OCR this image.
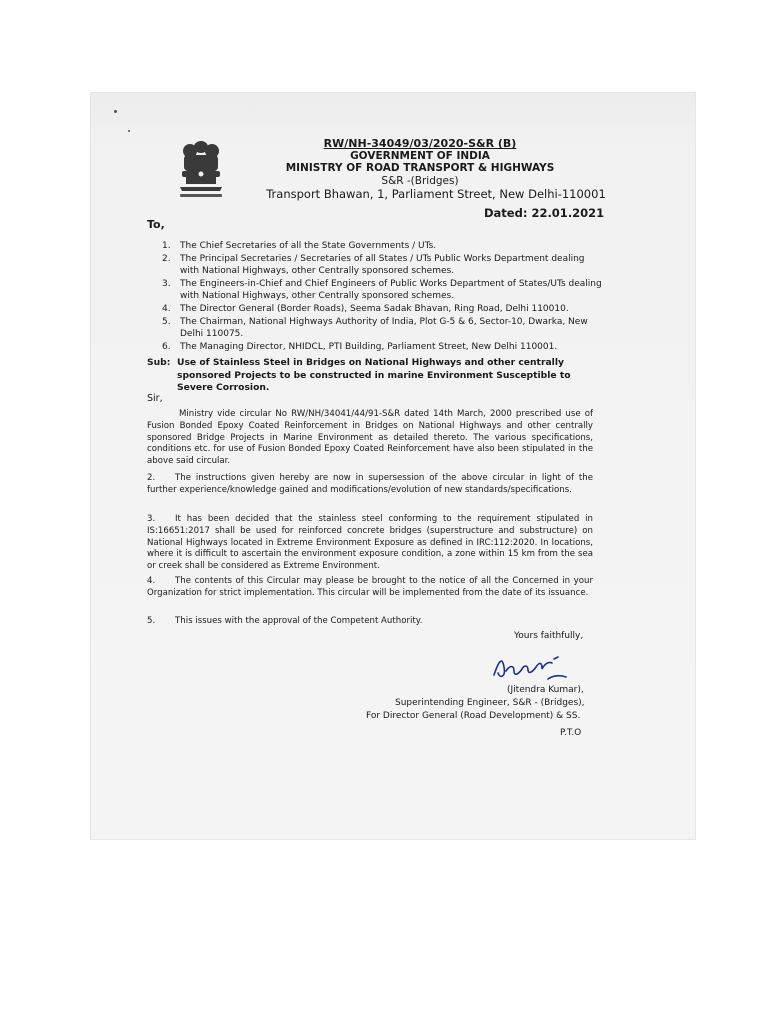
RW/NH-34049/03/2020-S&R (B)
GOVERNMENT OF INDIA
MINISTRY OF ROAD TRANSPORT & HIGHWAYS
S&R -(Bridges)
Transport Bhawan, 1, Parliament Street, New Delhi-110001
Dated: 22.01.2021
To,
1. The Chief Secretaries of all the State Governments / UTs.
2. The Principal Secretaries / Secretaries of all States / UTs Public Works Department dealing with National Highways, other Centrally sponsored schemes.
3. The Engineers-in-Chief and Chief Engineers of Public Works Department of States/UTs dealing with National Highways, other Centrally sponsored schemes.
4. The Director General (Border Roads), Seema Sadak Bhavan, Ring Road, Delhi 110010.
5. The Chairman, National Highways Authority of India, Plot G-5 & 6, Sector-10, Dwarka, New Delhi 110075.
6. The Managing Director, NHIDCL, PTI Building, Parliament Street, New Delhi 110001.
Sub: Use of Stainless Steel in Bridges on National Highways and other centrally sponsored Projects to be constructed in marine Environment Susceptible to Severe Corrosion.
Sir,
Ministry vide circular No RW/NH/34041/44/91-S&R dated 14th March, 2000 prescribed use of Fusion Bonded Epoxy Coated Reinforcement in Bridges on National Highways and other centrally sponsored Bridge Projects in Marine Environment as detailed thereto. The various specifications, conditions etc. for use of Fusion Bonded Epoxy Coated Reinforcement have also been stipulated in the above said circular.
2. The instructions given hereby are now in supersession of the above circular in light of the further experience/knowledge gained and modifications/evolution of new standards/specifications.
3. It has been decided that the stainless steel conforming to the requirement stipulated in IS:16651:2017 shall be used for reinforced concrete bridges (superstructure and substructure) on National Highways located in Extreme Environment Exposure as defined in IRC:112:2020. In locations, where it is difficult to ascertain the environment exposure condition, a zone within 15 km from the sea or creek shall be considered as Extreme Environment.
4. The contents of this Circular may please be brought to the notice of all the Concerned in your Organization for strict implementation. This circular will be implemented from the date of its issuance.
5. This issues with the approval of the Competent Authority.
Yours faithfully,
(Jitendra Kumar),
Superintending Engineer, S&R - (Bridges),
For Director General (Road Development) & SS.
P.T.O
